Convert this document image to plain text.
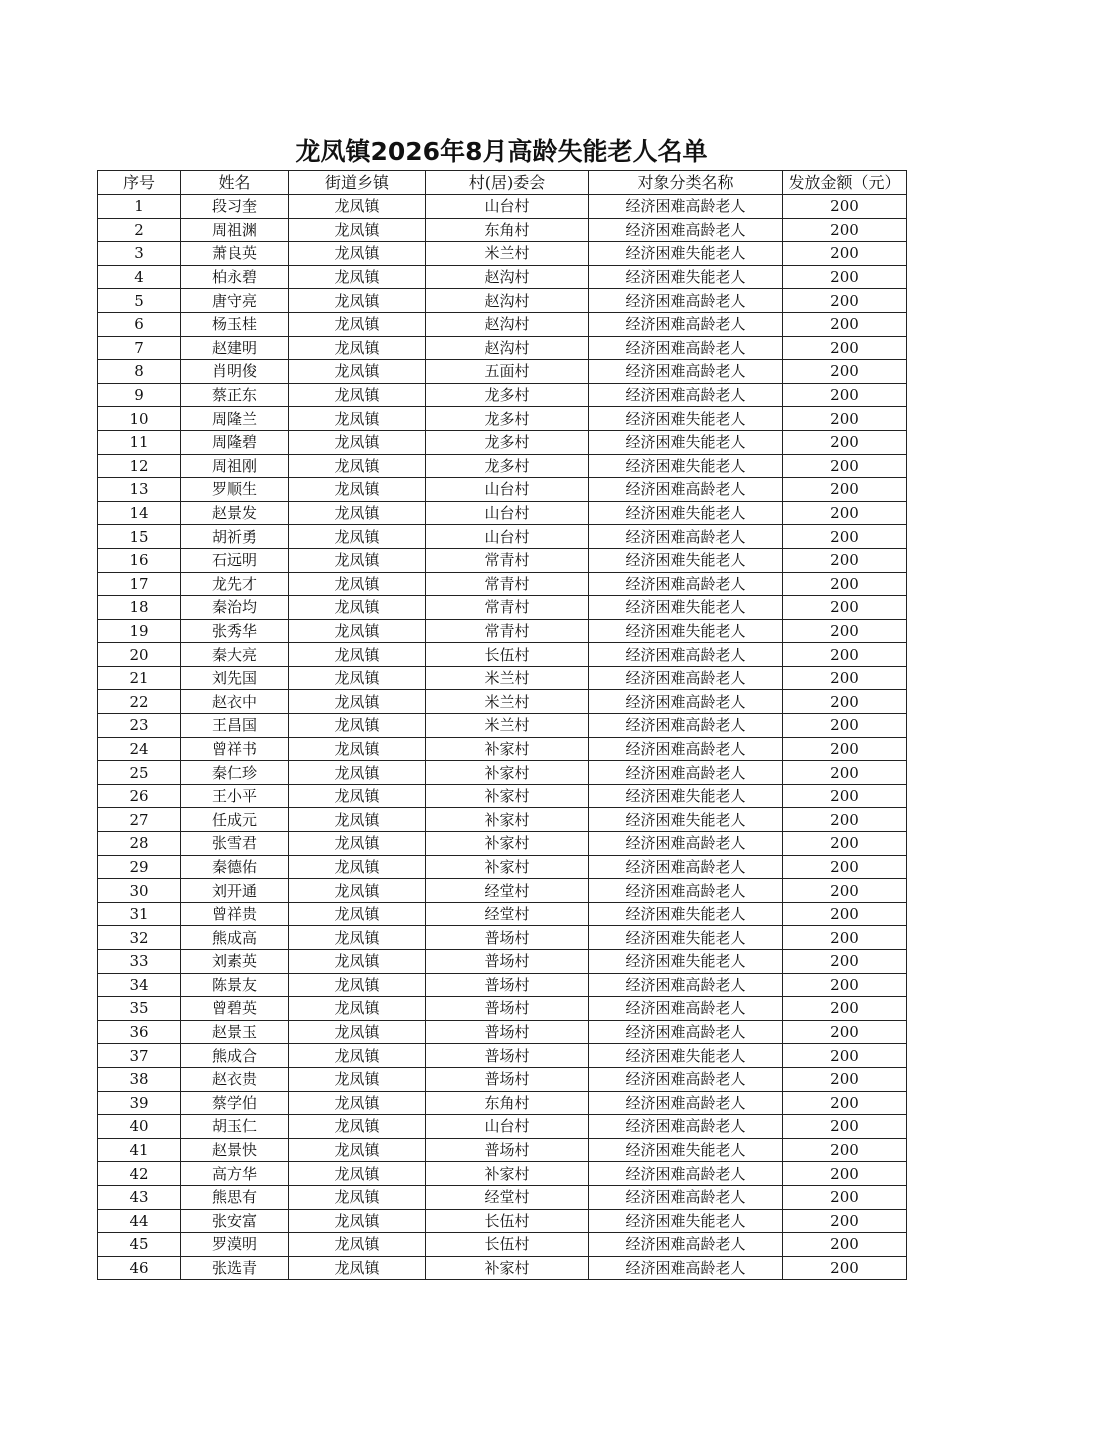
龙凤镇2026年8月高龄失能老人名单
序号	姓名	街道乡镇	村(居)委会	对象分类名称	发放金额（元）
1	段习奎	龙凤镇	山台村	经济困难高龄老人	200
2	周祖渊	龙凤镇	东角村	经济困难高龄老人	200
3	萧良英	龙凤镇	米兰村	经济困难失能老人	200
4	柏永碧	龙凤镇	赵沟村	经济困难失能老人	200
5	唐守亮	龙凤镇	赵沟村	经济困难高龄老人	200
6	杨玉桂	龙凤镇	赵沟村	经济困难高龄老人	200
7	赵建明	龙凤镇	赵沟村	经济困难高龄老人	200
8	肖明俊	龙凤镇	五面村	经济困难高龄老人	200
9	蔡正东	龙凤镇	龙多村	经济困难高龄老人	200
10	周隆兰	龙凤镇	龙多村	经济困难失能老人	200
11	周隆碧	龙凤镇	龙多村	经济困难失能老人	200
12	周祖刚	龙凤镇	龙多村	经济困难失能老人	200
13	罗顺生	龙凤镇	山台村	经济困难高龄老人	200
14	赵景发	龙凤镇	山台村	经济困难失能老人	200
15	胡祈勇	龙凤镇	山台村	经济困难高龄老人	200
16	石远明	龙凤镇	常青村	经济困难失能老人	200
17	龙先才	龙凤镇	常青村	经济困难高龄老人	200
18	秦治均	龙凤镇	常青村	经济困难失能老人	200
19	张秀华	龙凤镇	常青村	经济困难失能老人	200
20	秦大亮	龙凤镇	长伍村	经济困难高龄老人	200
21	刘先国	龙凤镇	米兰村	经济困难高龄老人	200
22	赵衣中	龙凤镇	米兰村	经济困难高龄老人	200
23	王昌国	龙凤镇	米兰村	经济困难高龄老人	200
24	曾祥书	龙凤镇	补家村	经济困难高龄老人	200
25	秦仁珍	龙凤镇	补家村	经济困难高龄老人	200
26	王小平	龙凤镇	补家村	经济困难失能老人	200
27	任成元	龙凤镇	补家村	经济困难失能老人	200
28	张雪君	龙凤镇	补家村	经济困难高龄老人	200
29	秦德佑	龙凤镇	补家村	经济困难高龄老人	200
30	刘开通	龙凤镇	经堂村	经济困难高龄老人	200
31	曾祥贵	龙凤镇	经堂村	经济困难失能老人	200
32	熊成高	龙凤镇	普场村	经济困难失能老人	200
33	刘素英	龙凤镇	普场村	经济困难失能老人	200
34	陈景友	龙凤镇	普场村	经济困难高龄老人	200
35	曾碧英	龙凤镇	普场村	经济困难高龄老人	200
36	赵景玉	龙凤镇	普场村	经济困难高龄老人	200
37	熊成合	龙凤镇	普场村	经济困难失能老人	200
38	赵衣贵	龙凤镇	普场村	经济困难高龄老人	200
39	蔡学伯	龙凤镇	东角村	经济困难高龄老人	200
40	胡玉仁	龙凤镇	山台村	经济困难高龄老人	200
41	赵景快	龙凤镇	普场村	经济困难失能老人	200
42	高方华	龙凤镇	补家村	经济困难高龄老人	200
43	熊思有	龙凤镇	经堂村	经济困难高龄老人	200
44	张安富	龙凤镇	长伍村	经济困难失能老人	200
45	罗漠明	龙凤镇	长伍村	经济困难高龄老人	200
46	张选青	龙凤镇	补家村	经济困难高龄老人	200
